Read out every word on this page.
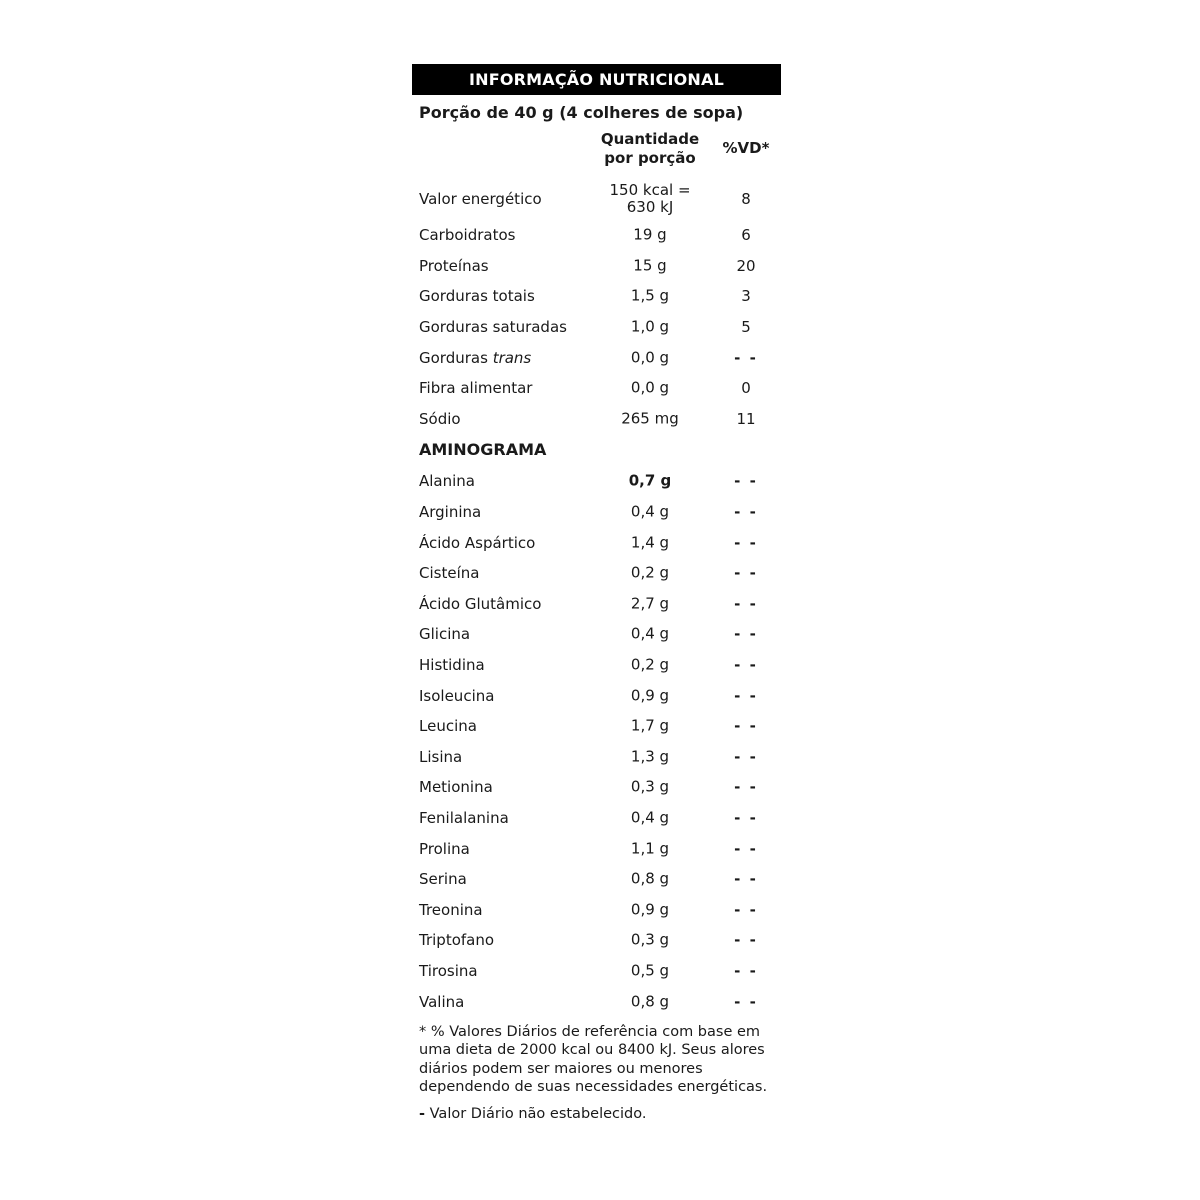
INFORMAÇÃO NUTRICIONAL
Porção de 40 g (4 colheres de sopa)
Quantidade
por porção
%VD*
Valor energético	150 kcal =
630 kJ	8
Carboidratos	19 g	6
Proteínas	15 g	20
Gorduras totais	1,5 g	3
Gorduras saturadas	1,0 g	5
Gorduras trans	0,0 g	- -
Fibra alimentar	0,0 g	0
Sódio	265 mg	11
AMINOGRAMA
Alanina	0,7 g	- -
Arginina	0,4 g	- -
Ácido Aspártico	1,4 g	- -
Cisteína	0,2 g	- -
Ácido Glutâmico	2,7 g	- -
Glicina	0,4 g	- -
Histidina	0,2 g	- -
Isoleucina	0,9 g	- -
Leucina	1,7 g	- -
Lisina	1,3 g	- -
Metionina	0,3 g	- -
Fenilalanina	0,4 g	- -
Prolina	1,1 g	- -
Serina	0,8 g	- -
Treonina	0,9 g	- -
Triptofano	0,3 g	- -
Tirosina	0,5 g	- -
Valina	0,8 g	- -
* % Valores Diários de referência com base em uma dieta de 2000 kcal ou 8400 kJ. Seus alores diários podem ser maiores ou menores dependendo de suas necessidades energéticas.
- Valor Diário não estabelecido.
